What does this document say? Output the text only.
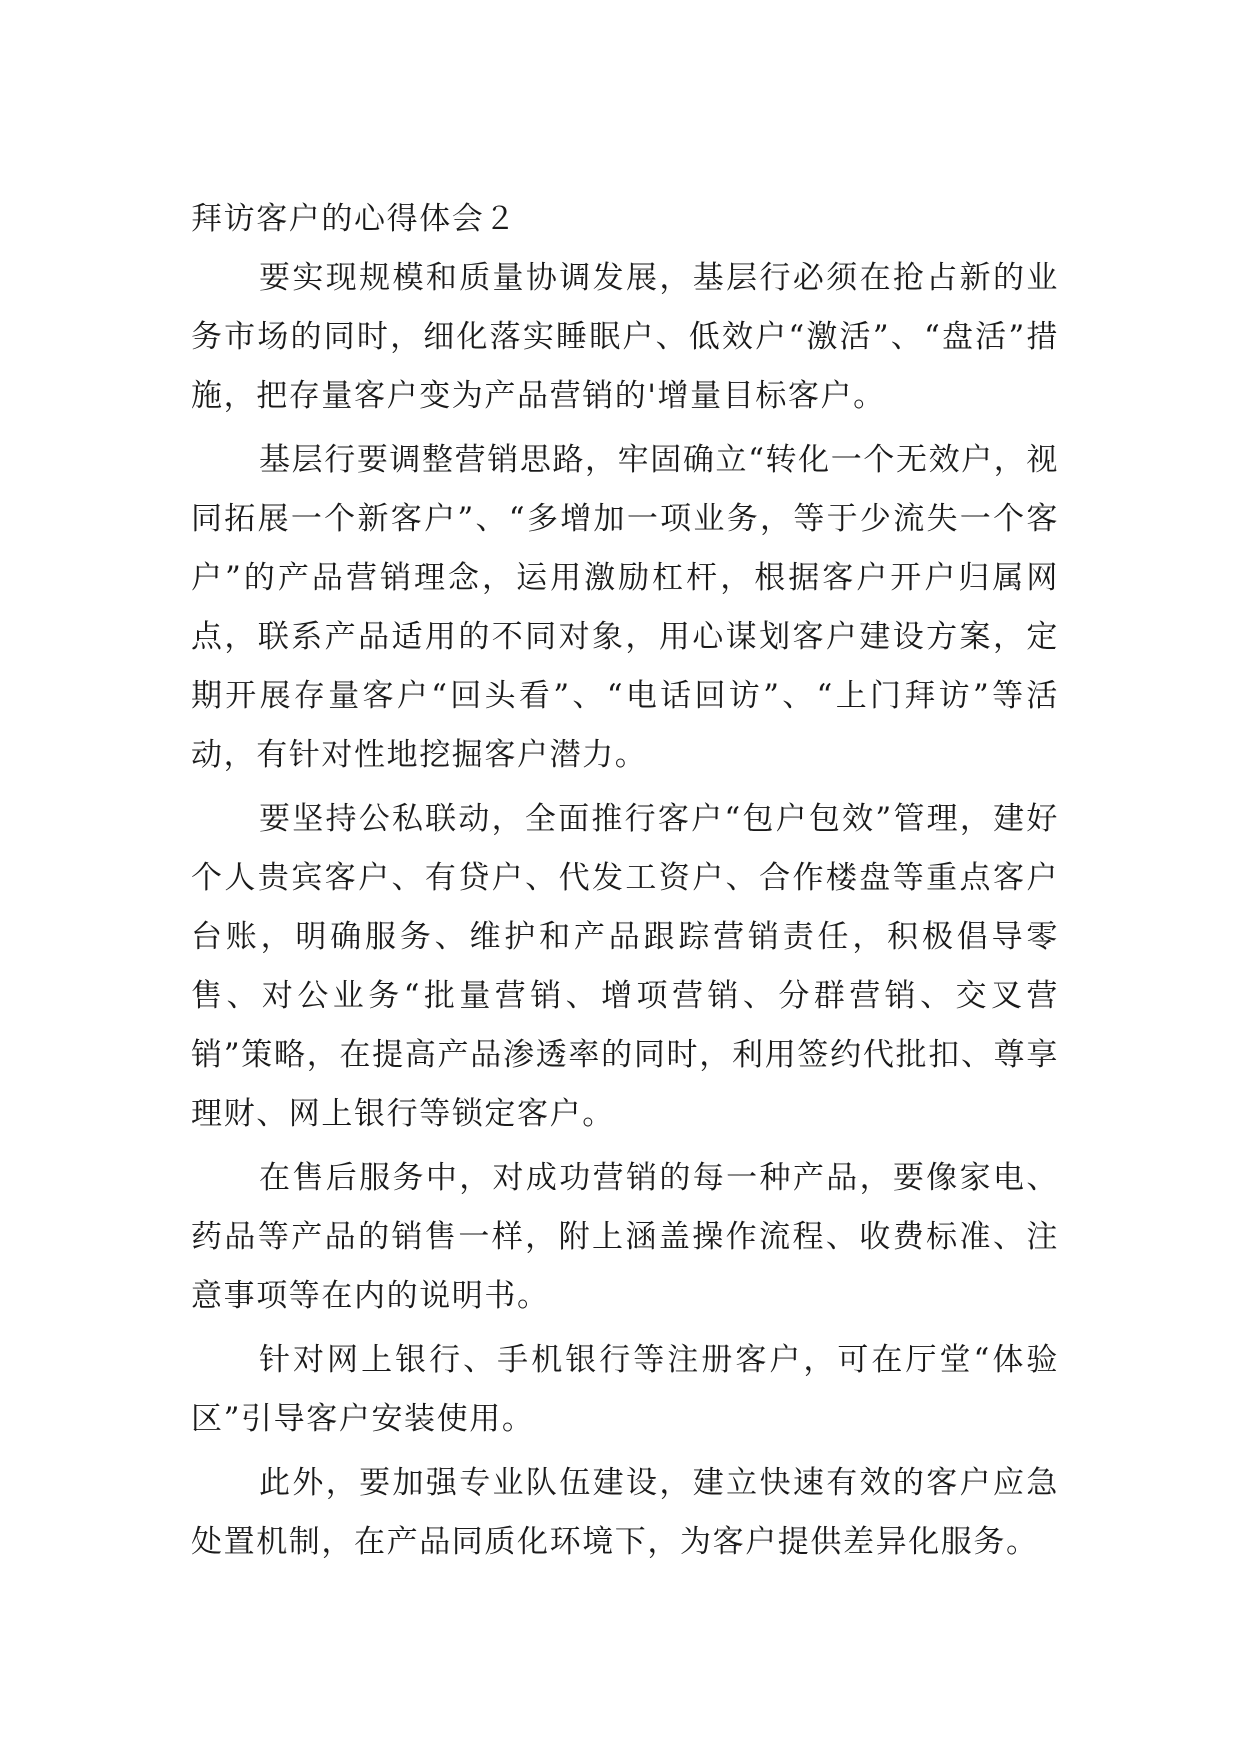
拜访客户的心得体会２

要实现规模和质量协调发展，基层行必须在抢占新的业务市场的同时，细化落实睡眠户、低效户“激活”、“盘活”措施，把存量客户变为产品营销的'增量目标客户。

基层行要调整营销思路，牢固确立“转化一个无效户，视同拓展一个新客户”、“多增加一项业务，等于少流失一个客户”的产品营销理念，运用激励杠杆，根据客户开户归属网点，联系产品适用的不同对象，用心谋划客户建设方案，定期开展存量客户“回头看”、“电话回访”、“上门拜访”等活动，有针对性地挖掘客户潜力。

要坚持公私联动，全面推行客户“包户包效”管理，建好个人贵宾客户、有贷户、代发工资户、合作楼盘等重点客户台账，明确服务、维护和产品跟踪营销责任，积极倡导零售、对公业务“批量营销、增项营销、分群营销、交叉营销”策略，在提高产品渗透率的同时，利用签约代批扣、尊享理财、网上银行等锁定客户。

在售后服务中，对成功营销的每一种产品，要像家电、药品等产品的销售一样，附上涵盖操作流程、收费标准、注意事项等在内的说明书。

针对网上银行、手机银行等注册客户，可在厅堂“体验区”引导客户安装使用。

此外，要加强专业队伍建设，建立快速有效的客户应急处置机制，在产品同质化环境下，为客户提供差异化服务。
